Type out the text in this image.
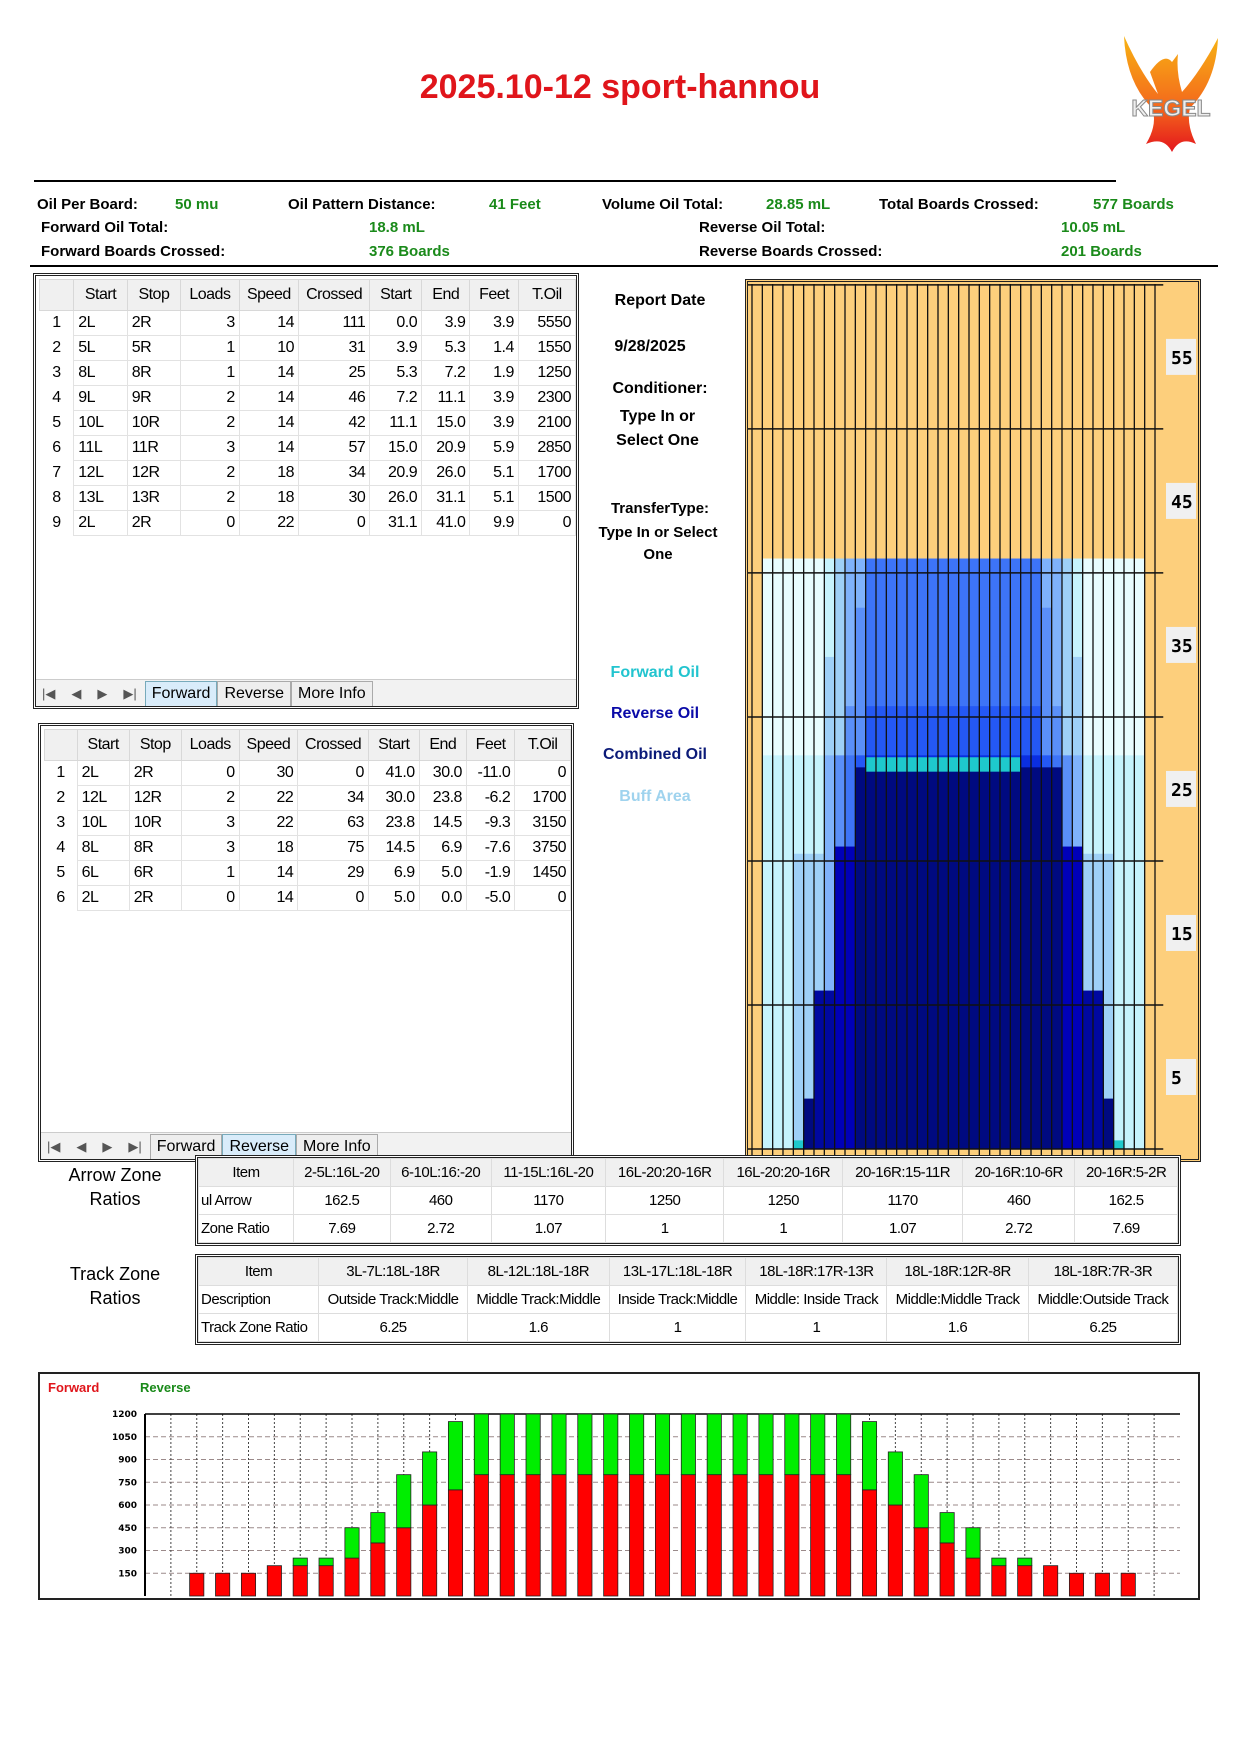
2025.10-12 sport-hannou
KEGEL
Oil Per Board: 50 mu	Oil Pattern Distance:	41 Feet	Volume Oil Total:	28.85 mL	Total Boards Crossed:	577 Boards
Forward Oil Total:	18.8 mL	Reverse Oil Total:	10.05 mL
Forward Boards Crossed:	376 Boards	Reverse Boards Crossed:	201 Boards
	Start	Stop	Loads	Speed	Crossed	Start	End	Feet	T.Oil
1	2L	2R	3	14	111	0.0	3.9	3.9	5550
2	5L	5R	1	10	31	3.9	5.3	1.4	1550
3	8L	8R	1	14	25	5.3	7.2	1.9	1250
4	9L	9R	2	14	46	7.2	11.1	3.9	2300
5	10L	10R	2	14	42	11.1	15.0	3.9	2100
6	11L	11R	3	14	57	15.0	20.9	5.9	2850
7	12L	12R	2	18	34	20.9	26.0	5.1	1700
8	13L	13R	2	18	30	26.0	31.1	5.1	1500
9	2L	2R	0	22	0	31.1	41.0	9.9	0
|◀ ◀ ▶ ▶| Forward Reverse More Info
	Start	Stop	Loads	Speed	Crossed	Start	End	Feet	T.Oil
1	2L	2R	0	30	0	41.0	30.0	-11.0	0
2	12L	12R	2	22	34	30.0	23.8	-6.2	1700
3	10L	10R	3	22	63	23.8	14.5	-9.3	3150
4	8L	8R	3	18	75	14.5	6.9	-7.6	3750
5	6L	6R	1	14	29	6.9	5.0	-1.9	1450
6	2L	2R	0	14	0	5.0	0.0	-5.0	0
|◀ ◀ ▶ ▶| Forward Reverse More Info
Report Date
9/28/2025
Conditioner:
Type In or Select One
TransferType:
Type In or Select One
Forward Oil
Reverse Oil
Combined Oil
Buff Area
55
45
35
25
15
5
Arrow Zone Ratios
Item	2-5L:16L-20	6-10L:16:-20	11-15L:16L-20	16L-20:20-16R	16L-20:20-16R	20-16R:15-11R	20-16R:10-6R	20-16R:5-2R
ul Arrow	162.5	460	1170	1250	1250	1170	460	162.5
Zone Ratio	7.69	2.72	1.07	1	1	1.07	2.72	7.69
Track Zone Ratios
Item	3L-7L:18L-18R	8L-12L:18L-18R	13L-17L:18L-18R	18L-18R:17R-13R	18L-18R:12R-8R	18L-18R:7R-3R
Description	Outside Track:Middle	Middle Track:Middle	Inside Track:Middle	Middle: Inside Track	Middle:Middle Track	Middle:Outside Track
Track Zone Ratio	6.25	1.6	1	1	1.6	6.25
Forward	Reverse
150
300
450
600
750
900
1050
1200
